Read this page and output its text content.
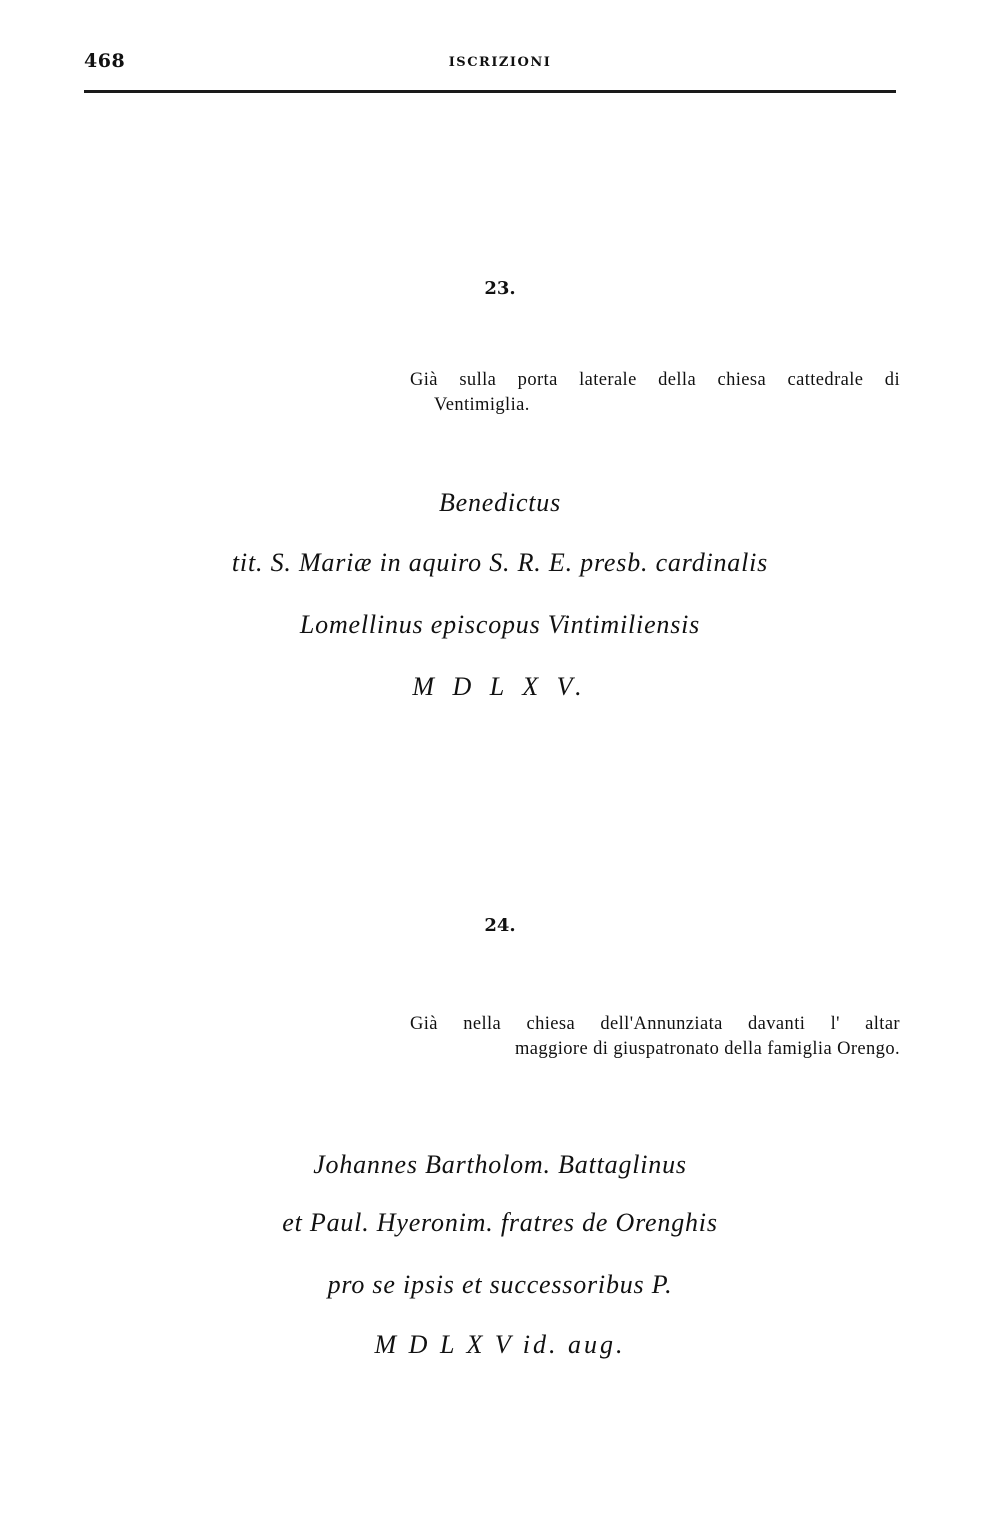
468	ISCRIZIONI
23.
Già sulla porta laterale della chiesa cattedrale di
Ventimiglia.
Benedictus
tit. S. Mariæ in aquiro S. R. E. presb. cardinalis
Lomellinus episcopus Vintimiliensis
M D L X V.
24.
Già nella chiesa dell'Annunziata davanti l' altar
maggiore di giuspatronato della famiglia Orengo.
Johannes Bartholom. Battaglinus
et Paul. Hyeronim. fratres de Orenghis
pro se ipsis et successoribus P.
M D L X V id. aug.
